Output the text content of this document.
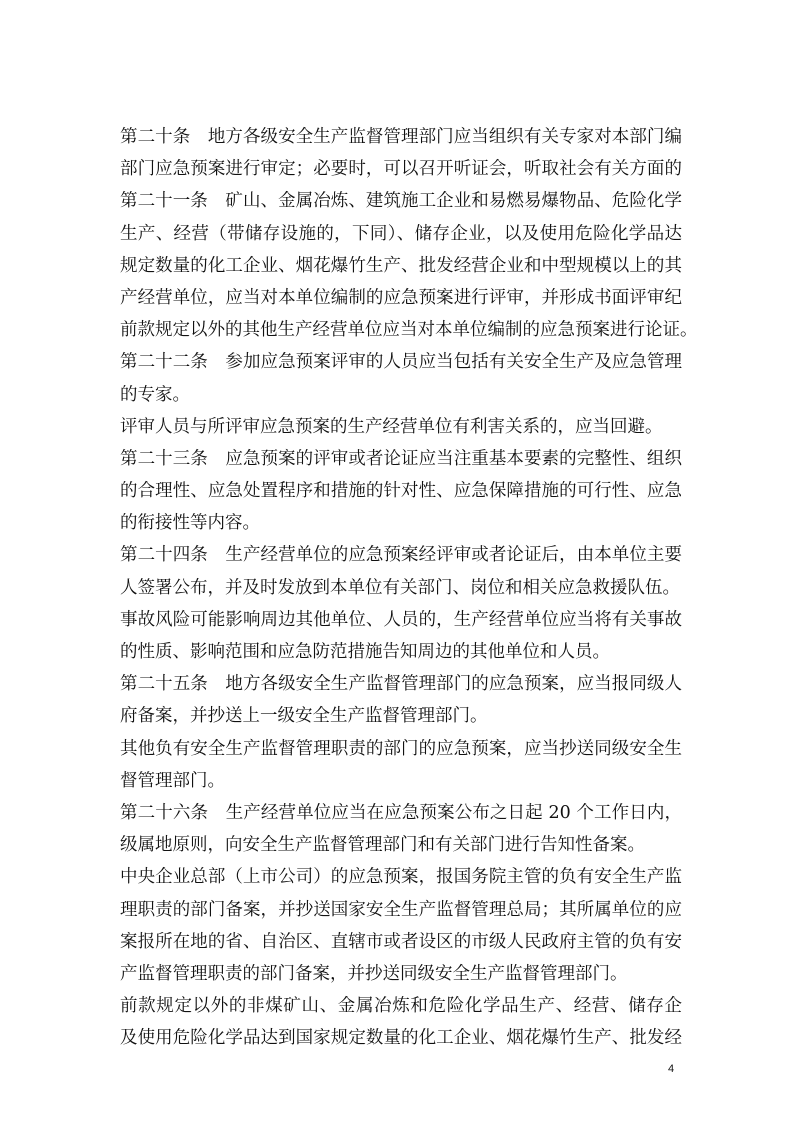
第二十条　地方各级安全生产监督管理部门应当组织有关专家对本部门编
部门应急预案进行审定；必要时，可以召开听证会，听取社会有关方面的
第二十一条　矿山、金属冶炼、建筑施工企业和易燃易爆物品、危险化学
生产、经营（带储存设施的，下同）、储存企业，以及使用危险化学品达
规定数量的化工企业、烟花爆竹生产、批发经营企业和中型规模以上的其
产经营单位，应当对本单位编制的应急预案进行评审，并形成书面评审纪
前款规定以外的其他生产经营单位应当对本单位编制的应急预案进行论证。
第二十二条　参加应急预案评审的人员应当包括有关安全生产及应急管理
的专家。
评审人员与所评审应急预案的生产经营单位有利害关系的，应当回避。
第二十三条　应急预案的评审或者论证应当注重基本要素的完整性、组织
的合理性、应急处置程序和措施的针对性、应急保障措施的可行性、应急
的衔接性等内容。
第二十四条　生产经营单位的应急预案经评审或者论证后，由本单位主要
人签署公布，并及时发放到本单位有关部门、岗位和相关应急救援队伍。
事故风险可能影响周边其他单位、人员的，生产经营单位应当将有关事故
的性质、影响范围和应急防范措施告知周边的其他单位和人员。
第二十五条　地方各级安全生产监督管理部门的应急预案，应当报同级人
府备案，并抄送上一级安全生产监督管理部门。
其他负有安全生产监督管理职责的部门的应急预案，应当抄送同级安全生
督管理部门。
第二十六条　生产经营单位应当在应急预案公布之日起 20 个工作日内，
级属地原则，向安全生产监督管理部门和有关部门进行告知性备案。
中央企业总部（上市公司）的应急预案，报国务院主管的负有安全生产监
理职责的部门备案，并抄送国家安全生产监督管理总局；其所属单位的应
案报所在地的省、自治区、直辖市或者设区的市级人民政府主管的负有安
产监督管理职责的部门备案，并抄送同级安全生产监督管理部门。
前款规定以外的非煤矿山、金属冶炼和危险化学品生产、经营、储存企
及使用危险化学品达到国家规定数量的化工企业、烟花爆竹生产、批发经
4
